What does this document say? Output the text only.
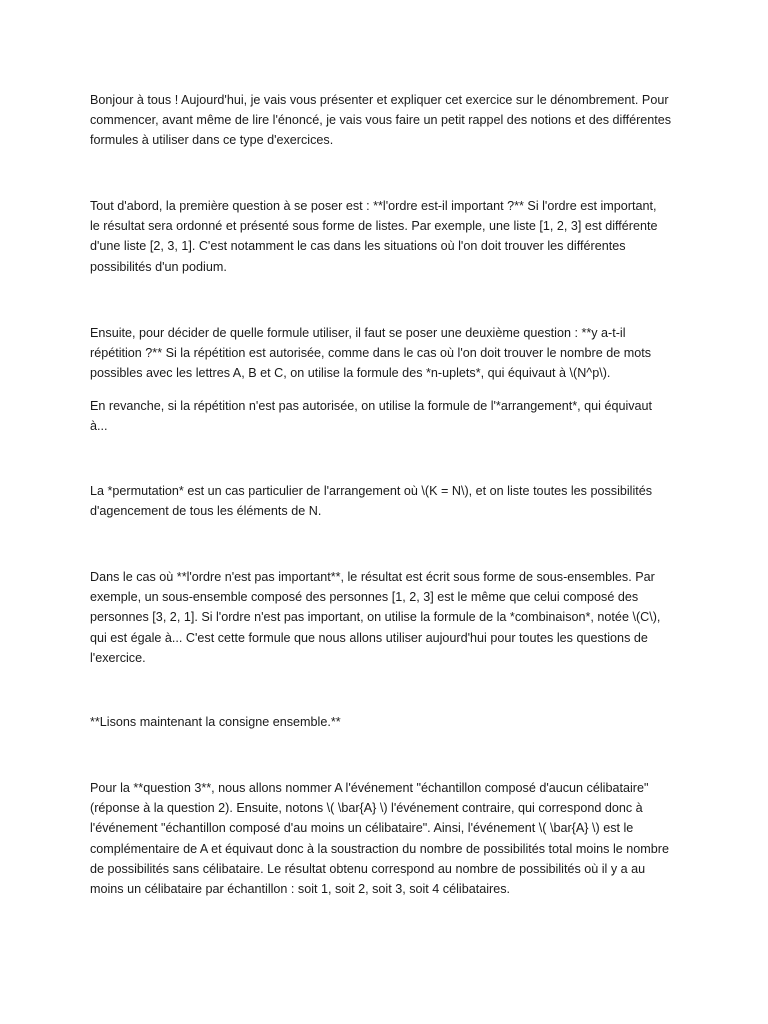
Bonjour à tous ! Aujourd'hui, je vais vous présenter et expliquer cet exercice sur le dénombrement. Pour
commencer, avant même de lire l'énoncé, je vais vous faire un petit rappel des notions et des différentes
formules à utiliser dans ce type d'exercices.

Tout d'abord, la première question à se poser est : **l'ordre est-il important ?** Si l'ordre est important,
le résultat sera ordonné et présenté sous forme de listes. Par exemple, une liste [1, 2, 3] est différente
d'une liste [2, 3, 1]. C'est notamment le cas dans les situations où l'on doit trouver les différentes
possibilités d'un podium.

Ensuite, pour décider de quelle formule utiliser, il faut se poser une deuxième question : **y a-t-il
répétition ?** Si la répétition est autorisée, comme dans le cas où l'on doit trouver le nombre de mots
possibles avec les lettres A, B et C, on utilise la formule des *n-uplets*, qui équivaut à \(N^p\).

En revanche, si la répétition n'est pas autorisée, on utilise la formule de l'*arrangement*, qui équivaut
à...

La *permutation* est un cas particulier de l'arrangement où \(K = N\), et on liste toutes les possibilités
d'agencement de tous les éléments de N.

Dans le cas où **l'ordre n'est pas important**, le résultat est écrit sous forme de sous-ensembles. Par
exemple, un sous-ensemble composé des personnes [1, 2, 3] est le même que celui composé des
personnes [3, 2, 1]. Si l'ordre n'est pas important, on utilise la formule de la *combinaison*, notée \(C\),
qui est égale à... C'est cette formule que nous allons utiliser aujourd'hui pour toutes les questions de
l'exercice.

**Lisons maintenant la consigne ensemble.**

Pour la **question 3**, nous allons nommer A l'événement "échantillon composé d'aucun célibataire"
(réponse à la question 2). Ensuite, notons \( \bar{A} \) l'événement contraire, qui correspond donc à
l'événement "échantillon composé d'au moins un célibataire". Ainsi, l'événement \( \bar{A} \) est le
complémentaire de A et équivaut donc à la soustraction du nombre de possibilités total moins le nombre
de possibilités sans célibataire. Le résultat obtenu correspond au nombre de possibilités où il y a au
moins un célibataire par échantillon : soit 1, soit 2, soit 3, soit 4 célibataires.
